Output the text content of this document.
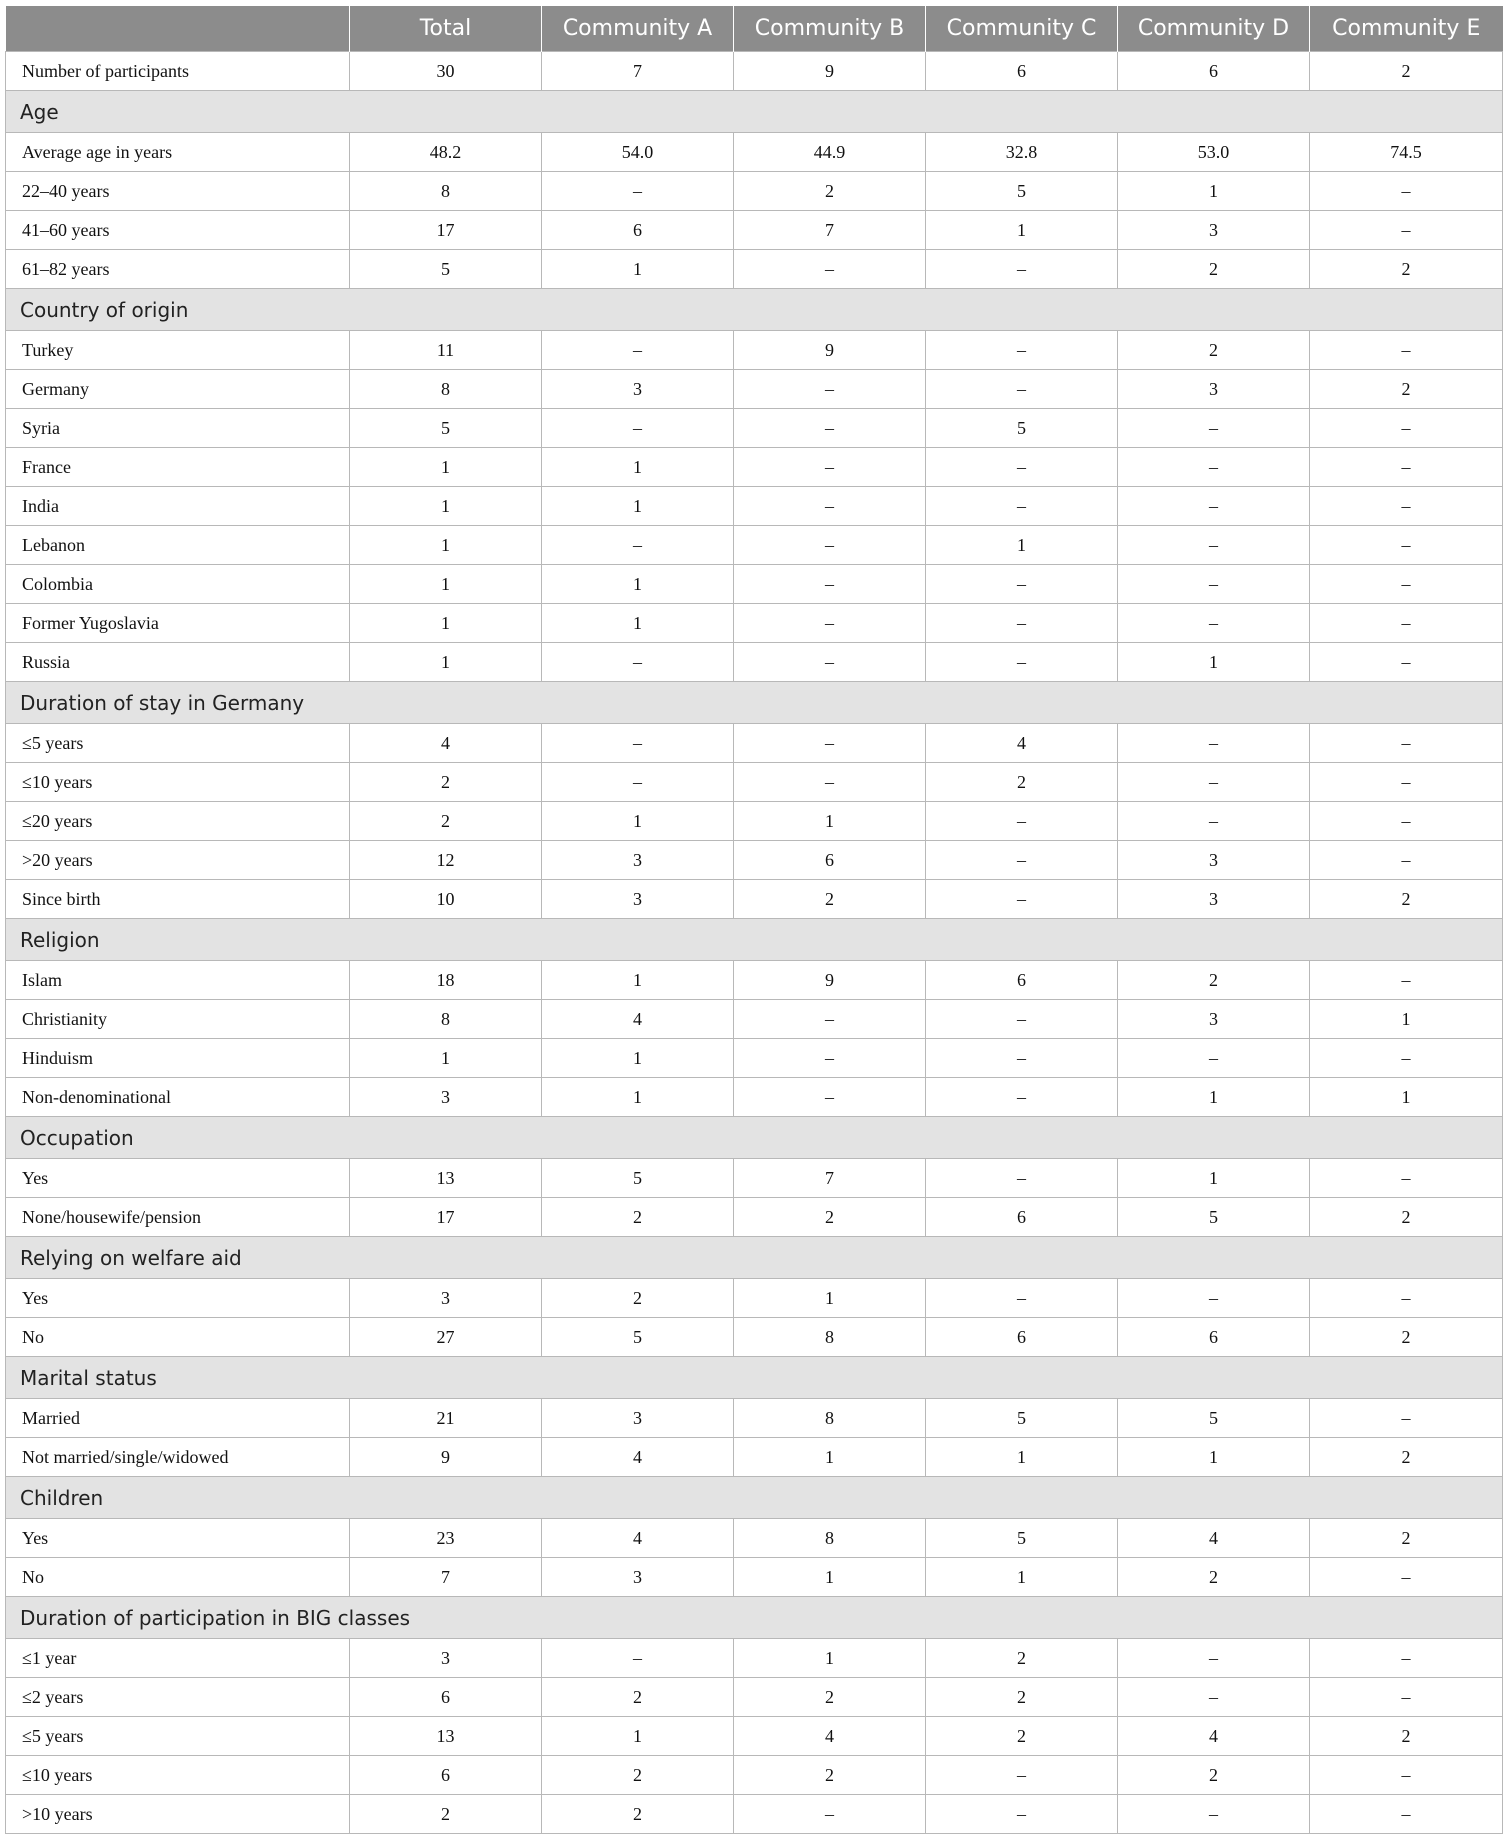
	Total	Community A	Community B	Community C	Community D	Community E
Number of participants	30	7	9	6	6	2
Age						
Average age in years	48.2	54.0	44.9	32.8	53.0	74.5
22–40 years	8	–	2	5	1	–
41–60 years	17	6	7	1	3	–
61–82 years	5	1	–	–	2	2
Country of origin						
Turkey	11	–	9	–	2	–
Germany	8	3	–	–	3	2
Syria	5	–	–	5	–	–
France	1	1	–	–	–	–
India	1	1	–	–	–	–
Lebanon	1	–	–	1	–	–
Colombia	1	1	–	–	–	–
Former Yugoslavia	1	1	–	–	–	–
Russia	1	–	–	–	1	–
Duration of stay in Germany						
≤5 years	4	–	–	4	–	–
≤10 years	2	–	–	2	–	–
≤20 years	2	1	1	–	–	–
>20 years	12	3	6	–	3	–
Since birth	10	3	2	–	3	2
Religion						
Islam	18	1	9	6	2	–
Christianity	8	4	–	–	3	1
Hinduism	1	1	–	–	–	–
Non-denominational	3	1	–	–	1	1
Occupation						
Yes	13	5	7	–	1	–
None/housewife/pension	17	2	2	6	5	2
Relying on welfare aid						
Yes	3	2	1	–	–	–
No	27	5	8	6	6	2
Marital status						
Married	21	3	8	5	5	–
Not married/single/widowed	9	4	1	1	1	2
Children						
Yes	23	4	8	5	4	2
No	7	3	1	1	2	–
Duration of participation in BIG classes						
≤1 year	3	–	1	2	–	–
≤2 years	6	2	2	2	–	–
≤5 years	13	1	4	2	4	2
≤10 years	6	2	2	–	2	–
>10 years	2	2	–	–	–	–
